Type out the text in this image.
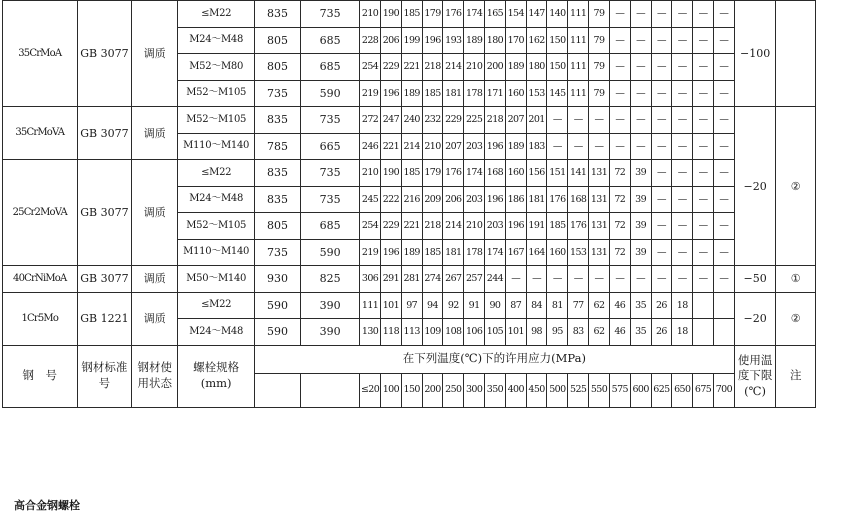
35CrMoA	GB 3077	调质	≤M22	835	735	210	190	185	179	176	174	165	154	147	140	111	79	—	—	—	—	—	—	−100	
			M24～M48	805	685	228	206	199	196	193	189	180	170	162	150	111	79	—	—	—	—	—	—		
			M52～M80	805	685	254	229	221	218	214	210	200	189	180	150	111	79	—	—	—	—	—	—		
			M52～M105	735	590	219	196	189	185	181	178	171	160	153	145	111	79	—	—	—	—	—	—		
35CrMoVA	GB 3077	调质	M52～M105	835	735	272	247	240	232	229	225	218	207	201	—	—	—	—	—	—	—	—	—	−20	②
			M110～M140	785	665	246	221	214	210	207	203	196	189	183	—	—	—	—	—	—	—	—	—		
25Cr2MoVA	GB 3077	调质	≤M22	835	735	210	190	185	179	176	174	168	160	156	151	141	131	72	39	—	—	—	—		
			M24～M48	835	735	245	222	216	209	206	203	196	186	181	176	168	131	72	39	—	—	—	—		
			M52～M105	805	685	254	229	221	218	214	210	203	196	191	185	176	131	72	39	—	—	—	—		
			M110～M140	735	590	219	196	189	185	181	178	174	167	164	160	153	131	72	39	—	—	—	—		
40CrNiMoA	GB 3077	调质	M50～M140	930	825	306	291	281	274	267	257	244	—	—	—	—	—	—	—	—	—	—	—	−50	①
1Cr5Mo	GB 1221	调质	≤M22	590	390	111	101	97	94	92	91	90	87	84	81	77	62	46	35	26	18			−20	②
			M24～M48	590	390	130	118	113	109	108	106	105	101	98	95	83	62	46	35	26	18				
钢　号	钢材标准号	钢材使用状态	螺栓规格(mm)	在下列温度(℃)下的许用应力(MPa)																				使用温度下限(℃)	注
						≤20	100	150	200	250	300	350	400	450	500	525	550	575	600	625	650	675	700		
高合金钢螺栓
